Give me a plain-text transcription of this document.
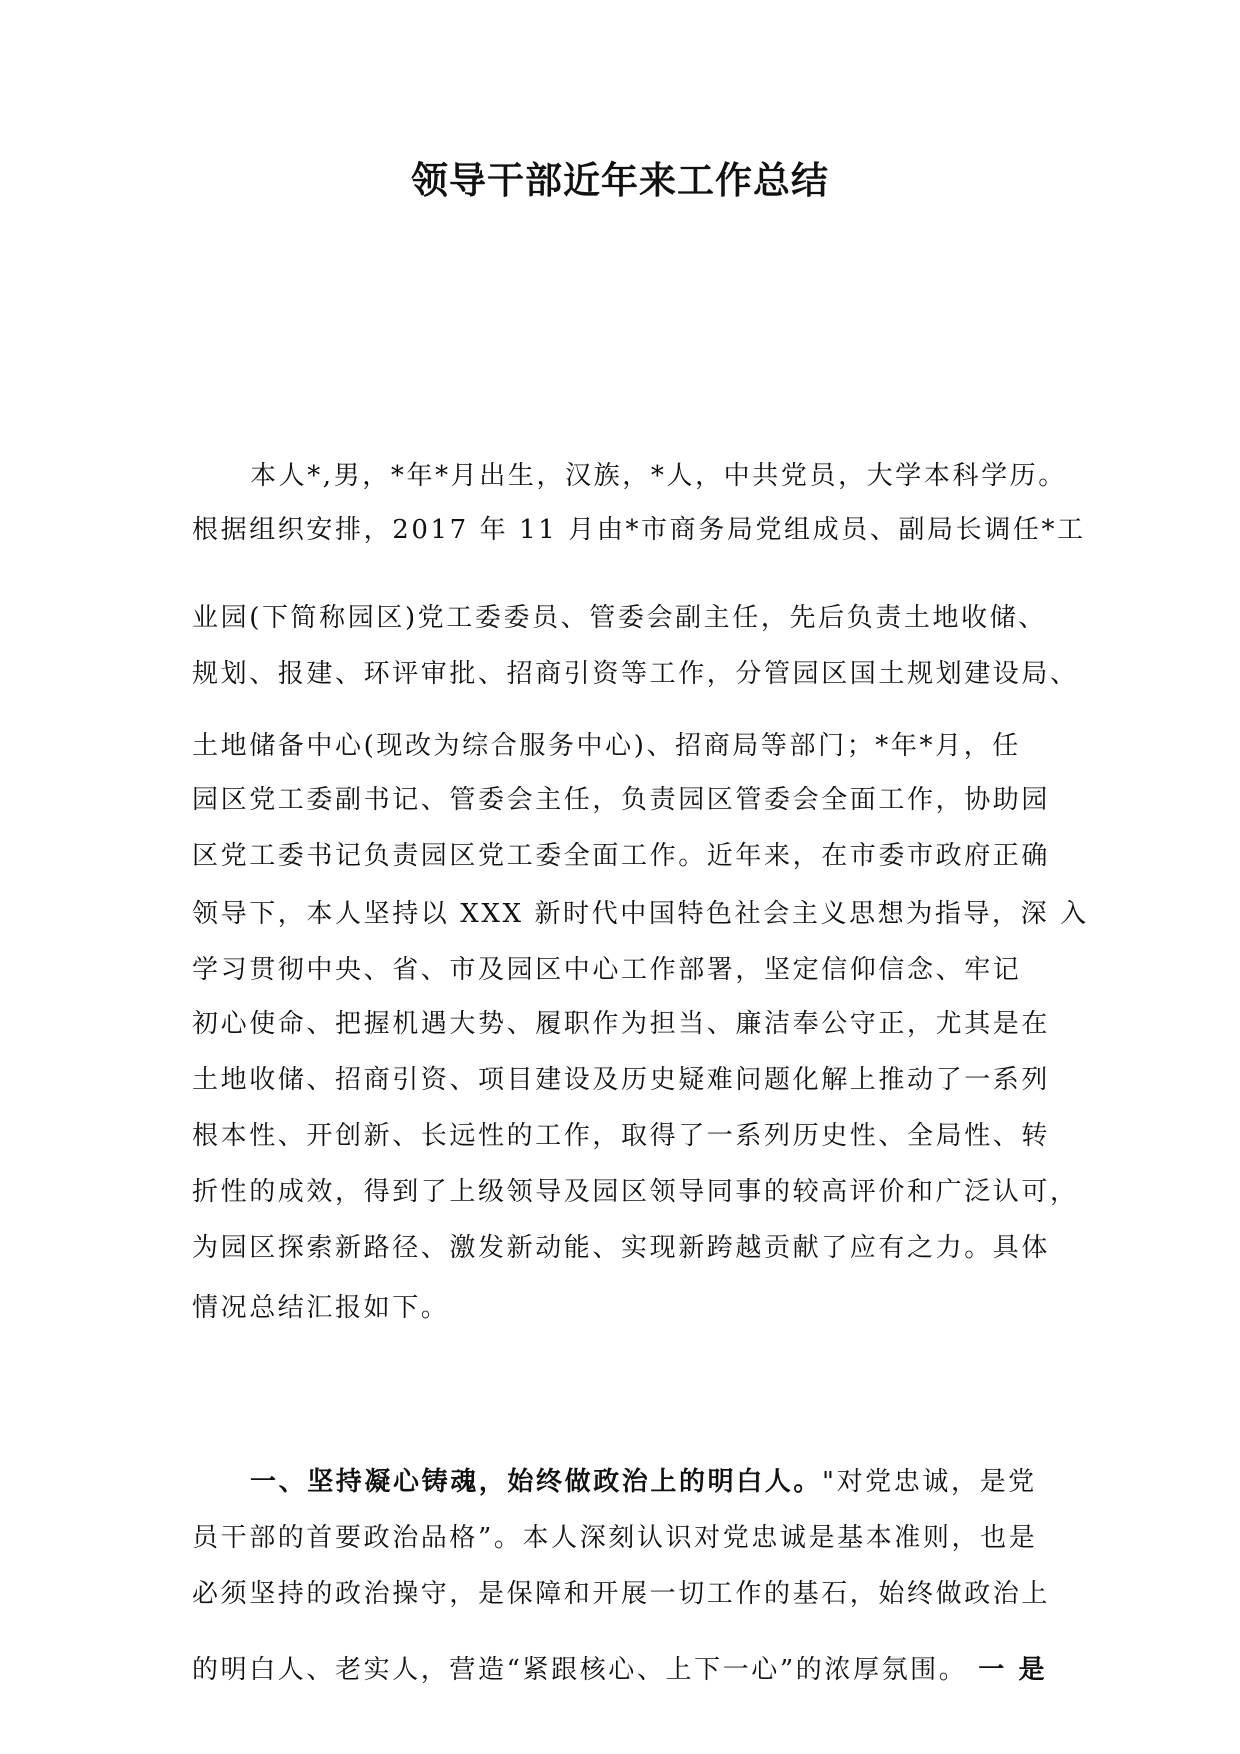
领导干部近年来工作总结
本人*,男，*年*月出生，汉族，*人，中共党员，大学本科学历。
根据组织安排，2017 年 11 月由*市商务局党组成员、副局长调任*工
业园(下简称园区)党工委委员、管委会副主任，先后负责土地收储、
规划、报建、环评审批、招商引资等工作，分管园区国土规划建设局、
土地储备中心(现改为综合服务中心)、招商局等部门；*年*月，任
园区党工委副书记、管委会主任，负责园区管委会全面工作，协助园
区党工委书记负责园区党工委全面工作。近年来，在市委市政府正确
领导下，本人坚持以 XXX 新时代中国特色社会主义思想为指导，深 入
学习贯彻中央、省、市及园区中心工作部署，坚定信仰信念、牢记
初心使命、把握机遇大势、履职作为担当、廉洁奉公守正，尤其是在
土地收储、招商引资、项目建设及历史疑难问题化解上推动了一系列
根本性、开创新、长远性的工作，取得了一系列历史性、全局性、转
折性的成效，得到了上级领导及园区领导同事的较高评价和广泛认可，
为园区探索新路径、激发新动能、实现新跨越贡献了应有之力。具体
情况总结汇报如下。
一、坚持凝心铸魂，始终做政治上的明白人。"对党忠诚，是党
员干部的首要政治品格”。本人深刻认识对党忠诚是基本准则，也是
必须坚持的政治操守，是保障和开展一切工作的基石，始终做政治上
的明白人、老实人，营造“紧跟核心、上下一心”的浓厚氛围。 一 是
